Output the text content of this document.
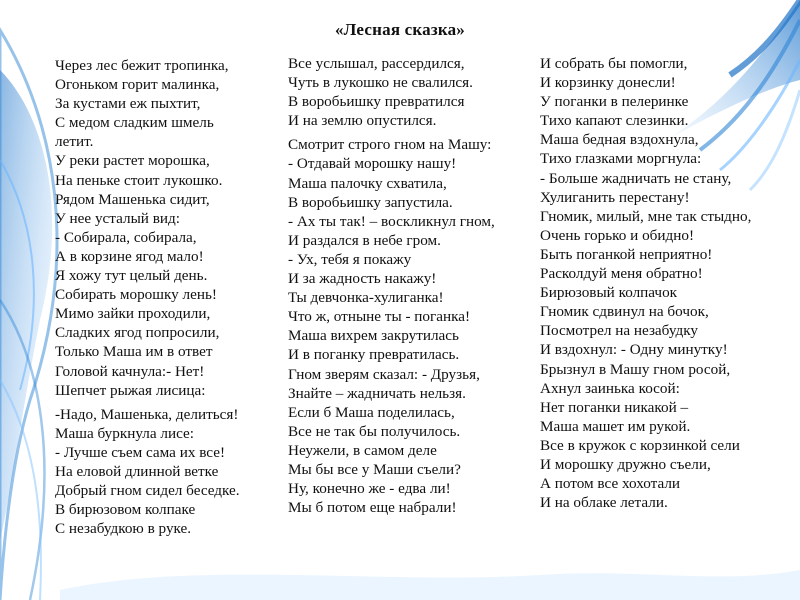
«Лесная сказка»
Через лес бежит тропинка,
Огоньком горит малинка,
За кустами еж пыхтит,
С медом сладким шмель
летит.
У реки растет морошка,
На пеньке стоит лукошко.
Рядом Машенька сидит,
У нее усталый вид:
- Собирала, собирала,
А в корзине ягод мало!
Я хожу тут целый день.
Собирать морошку лень!
Мимо зайки проходили,
Сладких ягод попросили,
Только Маша им в ответ
Головой качнула:- Нет!
Шепчет рыжая лисица:
-Надо, Машенька, делиться!
Маша буркнула лисе:
- Лучше съем сама их все!
На еловой длинной ветке
Добрый гном сидел беседке.
В бирюзовом колпаке
С незабудкою в руке.
Все услышал, рассердился,
Чуть в лукошко не свалился.
В воробьишку превратился
И на землю опустился.
Смотрит строго гном на Машу:
- Отдавай морошку нашу!
Маша палочку схватила,
В воробьишку запустила.
- Ах ты так! – воскликнул гном,
И раздался в небе гром.
- Ух, тебя я покажу
И за жадность накажу!
Ты девчонка-хулиганка!
Что ж, отныне ты - поганка!
Маша вихрем закрутилась
И в поганку превратилась.
Гном зверям сказал: - Друзья,
Знайте – жадничать нельзя.
Если б Маша поделилась,
Все не так бы получилось.
Неужели, в самом деле
Мы бы все у Маши съели?
Ну, конечно же - едва ли!
Мы б потом еще набрали!
И собрать бы помогли,
И корзинку донесли!
У поганки в пелеринке
Тихо капают слезинки.
Маша бедная вздохнула,
Тихо глазками моргнула:
- Больше жадничать не стану,
Хулиганить перестану!
Гномик, милый, мне так стыдно,
Очень горько и обидно!
Быть поганкой неприятно!
Расколдуй меня обратно!
Бирюзовый колпачок
Гномик сдвинул на бочок,
Посмотрел на незабудку
И вздохнул: - Одну минутку!
Брызнул в Машу гном росой,
Ахнул заинька косой:
Нет поганки никакой –
Маша машет им рукой.
Все в кружок с корзинкой сели
И морошку дружно съели,
А потом все хохотали
И на облаке летали.
